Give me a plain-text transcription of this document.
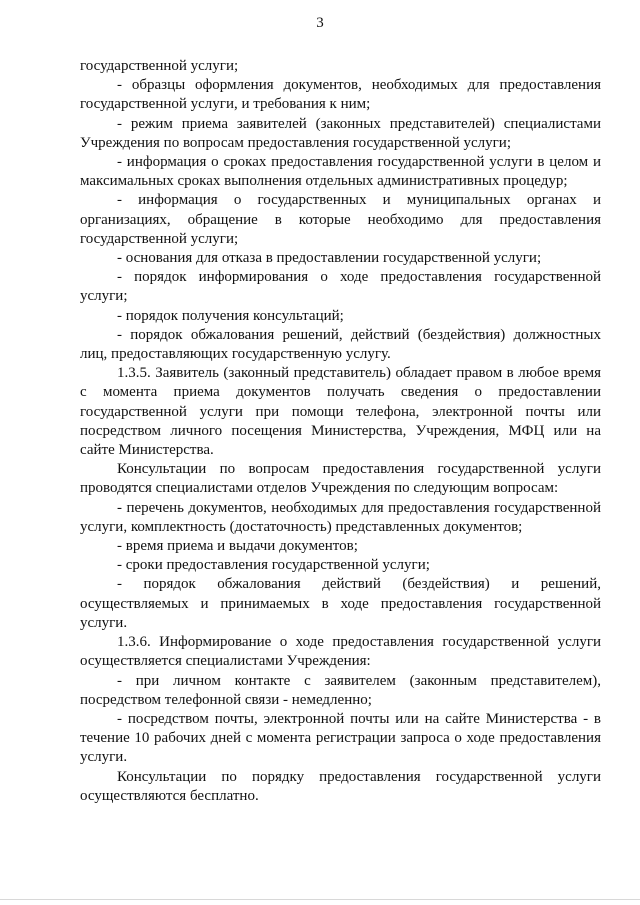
3

государственной услуги;

- образцы оформления документов, необходимых для предоставления государственной услуги, и требования к ним;

- режим приема заявителей (законных представителей) специалистами Учреждения по вопросам предоставления государственной услуги;

- информация о сроках предоставления государственной услуги в целом и максимальных сроках выполнения отдельных административных процедур;

- информация о государственных и муниципальных органах и организациях, обращение в которые необходимо для предоставления государственной услуги;

- основания для отказа в предоставлении государственной услуги;

- порядок информирования о ходе предоставления государственной услуги;

- порядок получения консультаций;

- порядок обжалования решений, действий (бездействия) должностных лиц, предоставляющих государственную услугу.

1.3.5. Заявитель (законный представитель) обладает правом в любое время с момента приема документов получать сведения о предоставлении государственной услуги при помощи телефона, электронной почты или посредством личного посещения Министерства, Учреждения, МФЦ или на сайте Министерства.

Консультации по вопросам предоставления государственной услуги проводятся специалистами отделов Учреждения по следующим вопросам:

- перечень документов, необходимых для предоставления государственной услуги, комплектность (достаточность) представленных документов;

- время приема и выдачи документов;

- сроки предоставления государственной услуги;

- порядок обжалования действий (бездействия) и решений, осуществляемых и принимаемых в ходе предоставления государственной услуги.

1.3.6. Информирование о ходе предоставления государственной услуги осуществляется специалистами Учреждения:

- при личном контакте с заявителем (законным представителем), посредством телефонной связи - немедленно;

- посредством почты, электронной почты или на сайте Министерства - в течение 10 рабочих дней с момента регистрации запроса о ходе предоставления услуги.

Консультации по порядку предоставления государственной услуги осуществляются бесплатно.
